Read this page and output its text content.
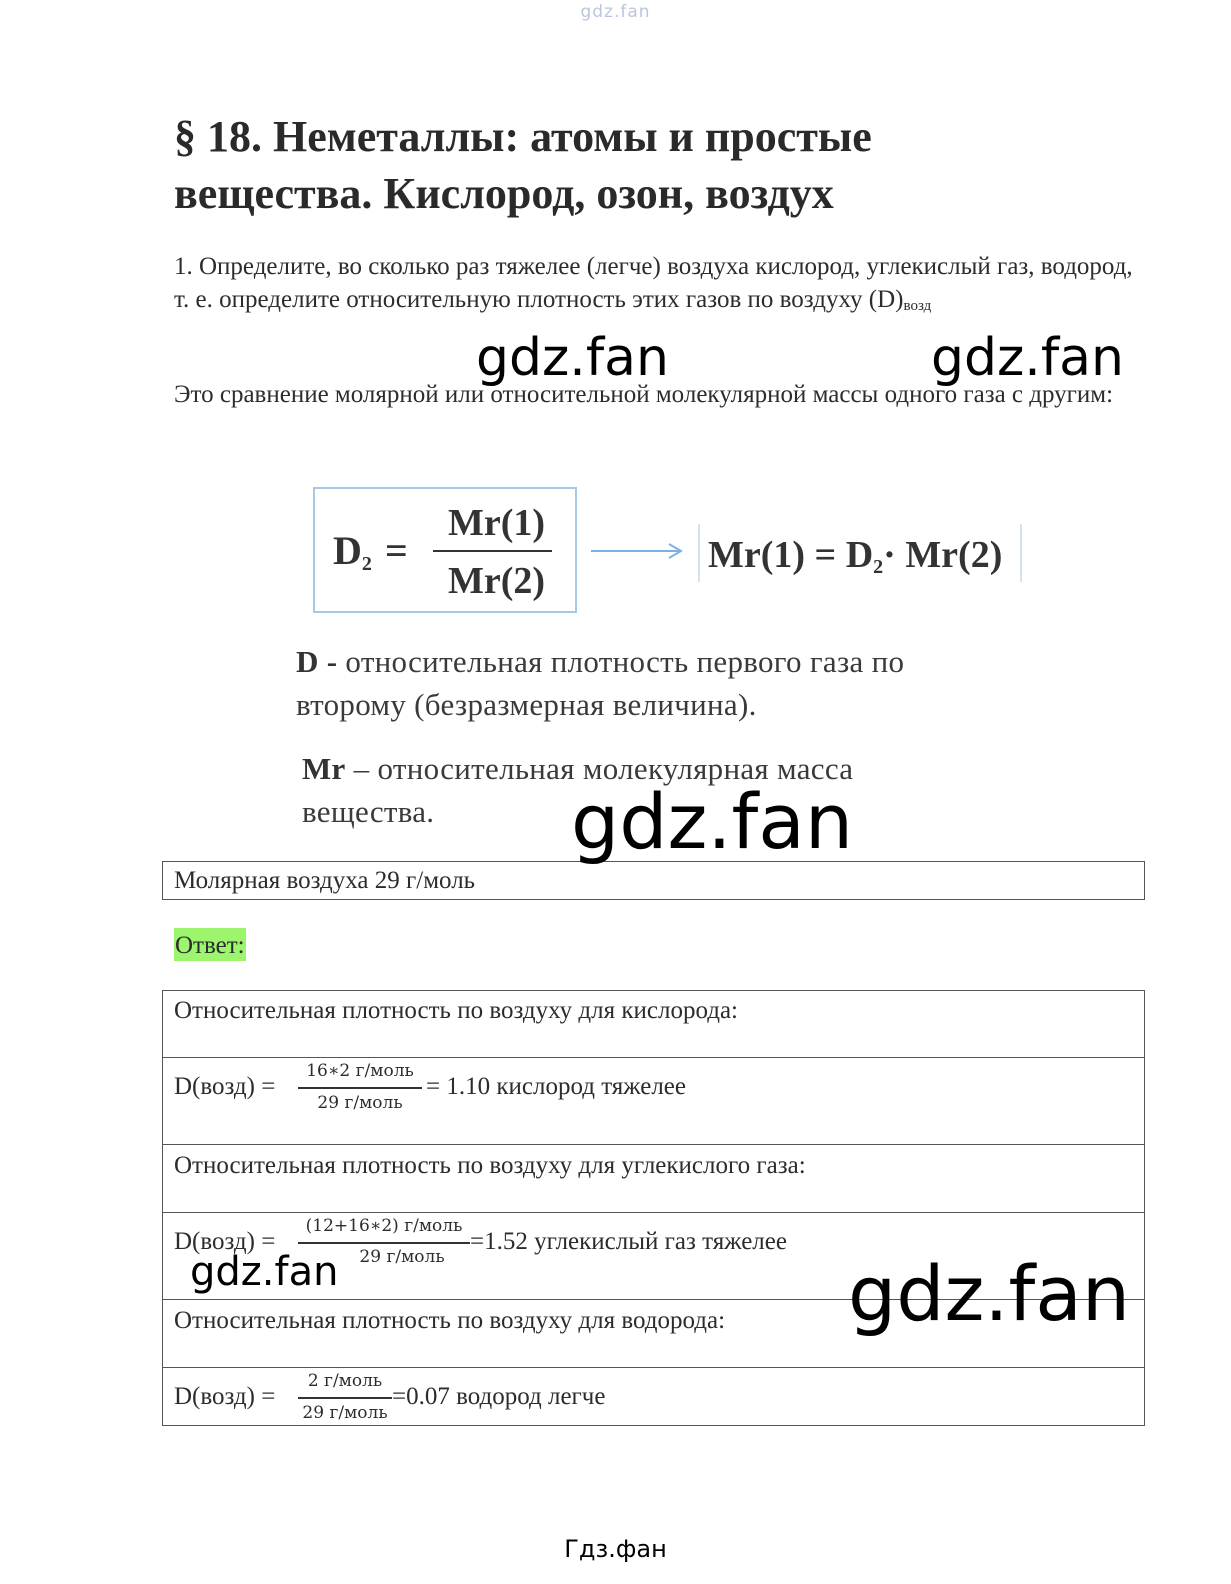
gdz.fan
§ 18. Неметаллы: атомы и простые вещества. Кислород, озон, воздух
1. Определите, во сколько раз тяжелее (легче) воздуха кислород, углекислый газ, водород, т. е. определите относительную плотность этих газов по воздуху $(D)_{возд}$
Это сравнение молярной или относительной молекулярной массы одного газа с другим:
$D_2$ =
Mr(1)
Mr(2)
$Mr(1) = D_2\cdot Mr(2)$
D - относительная плотность первого газа по
второму (безразмерная величина).
Mr – относительная молекулярная масса
вещества.
Молярная воздуха 29 г/моль
Ответ:
Относительная плотность по воздуху для кислорода:
D(возд) =
16∗2 г/моль
29 г/моль
= 1.10 кислород тяжелее
Относительная плотность по воздуху для углекислого газа:
D(возд) =
(12+16∗2) г/моль
29 г/моль
=1.52 углекислый газ тяжелее
Относительная плотность по воздуху для водорода:
D(возд) =
2 г/моль
29 г/моль
=0.07 водород легче
gdz.fan	gdz.fan
gdz.fan
gdz.fan	gdz.fan
Гдз.фан
